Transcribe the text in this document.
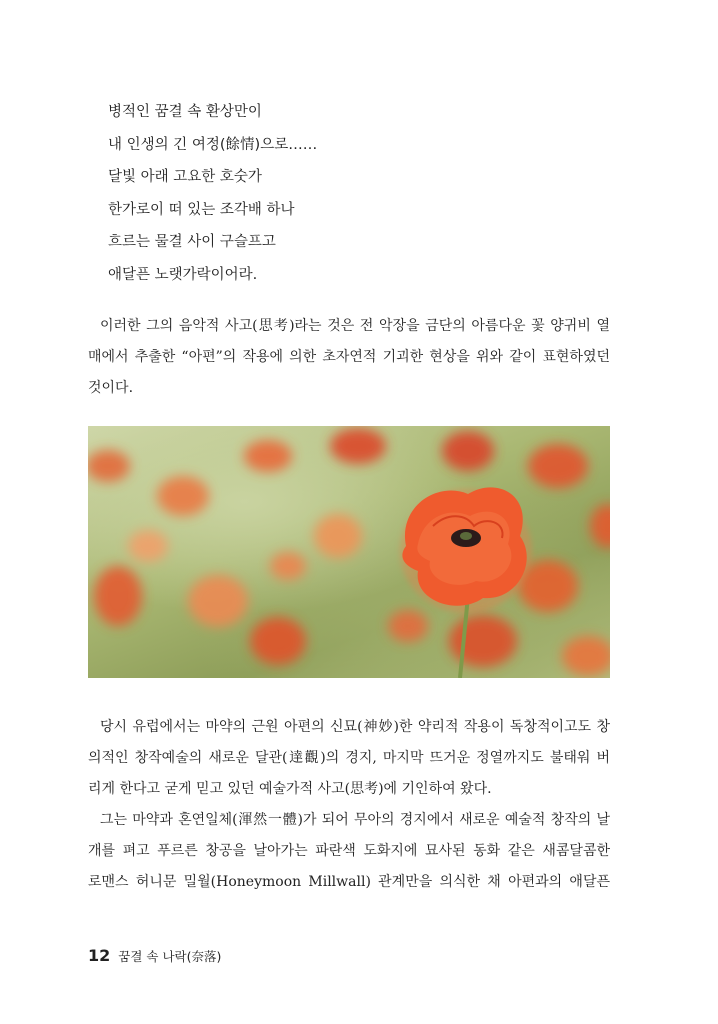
병적인 꿈결 속 환상만이
내 인생의 긴 여정(餘情)으로……
달빛 아래 고요한 호숫가
한가로이 떠 있는 조각배 하나
흐르는 물결 사이 구슬프고
애달픈 노랫가락이어라.
이러한 그의 음악적 사고(思考)라는 것은 전 악장을 금단의 아름다운 꽃 양귀비 열
매에서 추출한 “아편”의 작용에 의한 초자연적 기괴한 현상을 위와 같이 표현하였던
것이다.
당시 유럽에서는 마약의 근원 아편의 신묘(神妙)한 약리적 작용이 독창적이고도 창
의적인 창작예술의 새로운 달관(達觀)의 경지, 마지막 뜨거운 정열까지도 불태워 버
리게 한다고 굳게 믿고 있던 예술가적 사고(思考)에 기인하여 왔다.
그는 마약과 혼연일체(渾然一體)가 되어 무아의 경지에서 새로운 예술적 창작의 날
개를 펴고 푸르른 창공을 날아가는 파란색 도화지에 묘사된 동화 같은 새콤달콤한
로맨스 허니문 밀월(Honeymoon Millwall) 관계만을 의식한 채 아편과의 애달픈
12 꿈결 속 나락(奈落)
